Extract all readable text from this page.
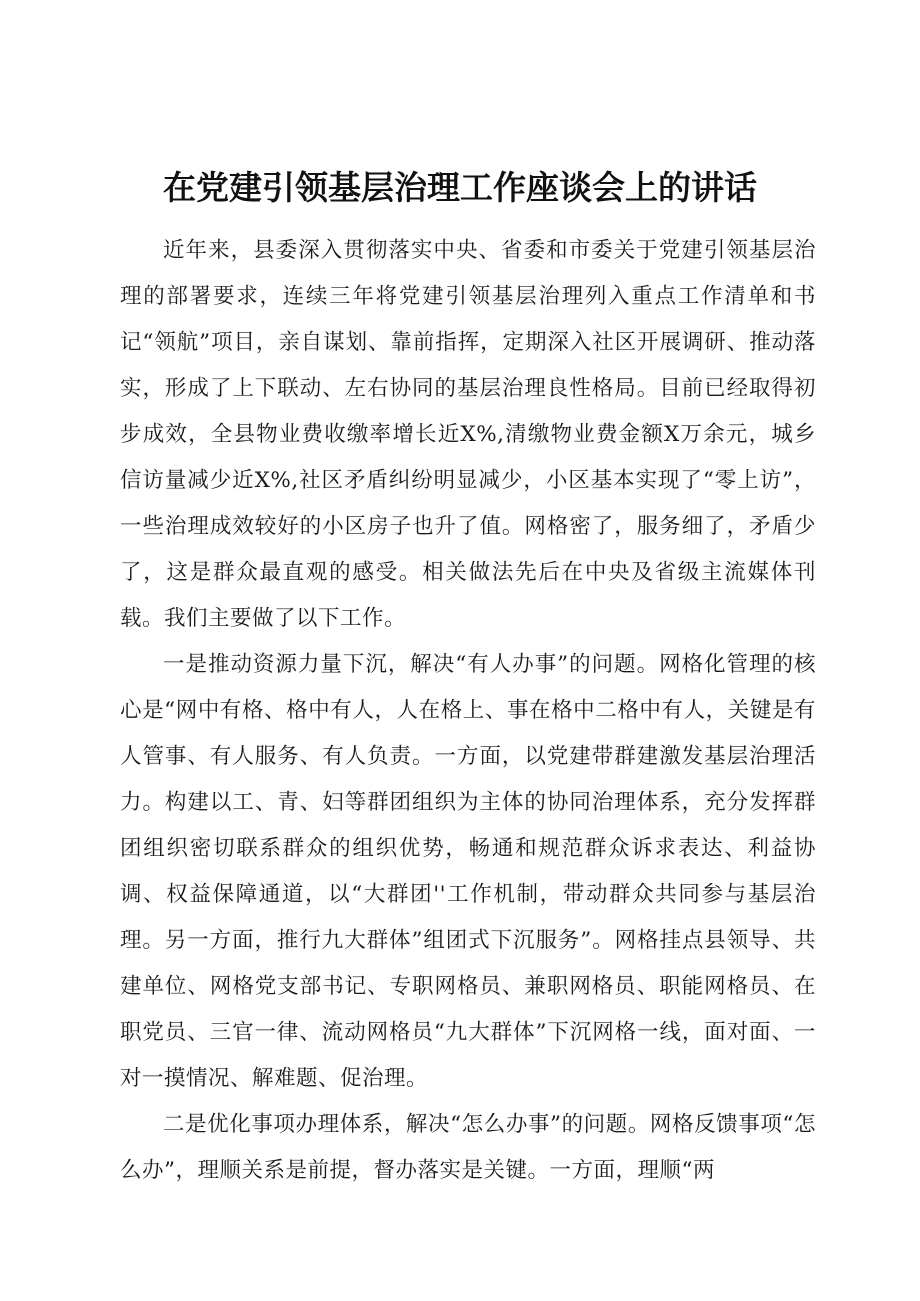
在党建引领基层治理工作座谈会上的讲话

近年来，县委深入贯彻落实中央、省委和市委关于党建引领基层治理的部署要求，连续三年将党建引领基层治理列入重点工作清单和书记“领航”项目，亲自谋划、靠前指挥，定期深入社区开展调研、推动落实，形成了上下联动、左右协同的基层治理良性格局。目前已经取得初步成效，全县物业费收缴率增长近X%,清缴物业费金额X万余元，城乡信访量减少近X%,社区矛盾纠纷明显减少，小区基本实现了“零上访”，一些治理成效较好的小区房子也升了值。网格密了，服务细了，矛盾少了，这是群众最直观的感受。相关做法先后在中央及省级主流媒体刊载。我们主要做了以下工作。

一是推动资源力量下沉，解决“有人办事”的问题。网格化管理的核心是“网中有格、格中有人，人在格上、事在格中二格中有人，关键是有人管事、有人服务、有人负责。一方面，以党建带群建激发基层治理活力。构建以工、青、妇等群团组织为主体的协同治理体系，充分发挥群团组织密切联系群众的组织优势，畅通和规范群众诉求表达、利益协调、权益保障通道，以“大群团''工作机制，带动群众共同参与基层治理。另一方面，推行九大群体”组团式下沉服务”。网格挂点县领导、共建单位、网格党支部书记、专职网格员、兼职网格员、职能网格员、在职党员、三官一律、流动网格员“九大群体”下沉网格一线，面对面、一对一摸情况、解难题、促治理。

二是优化事项办理体系，解决“怎么办事”的问题。网格反馈事项“怎么办”，理顺关系是前提，督办落实是关键。一方面，理顺“两
